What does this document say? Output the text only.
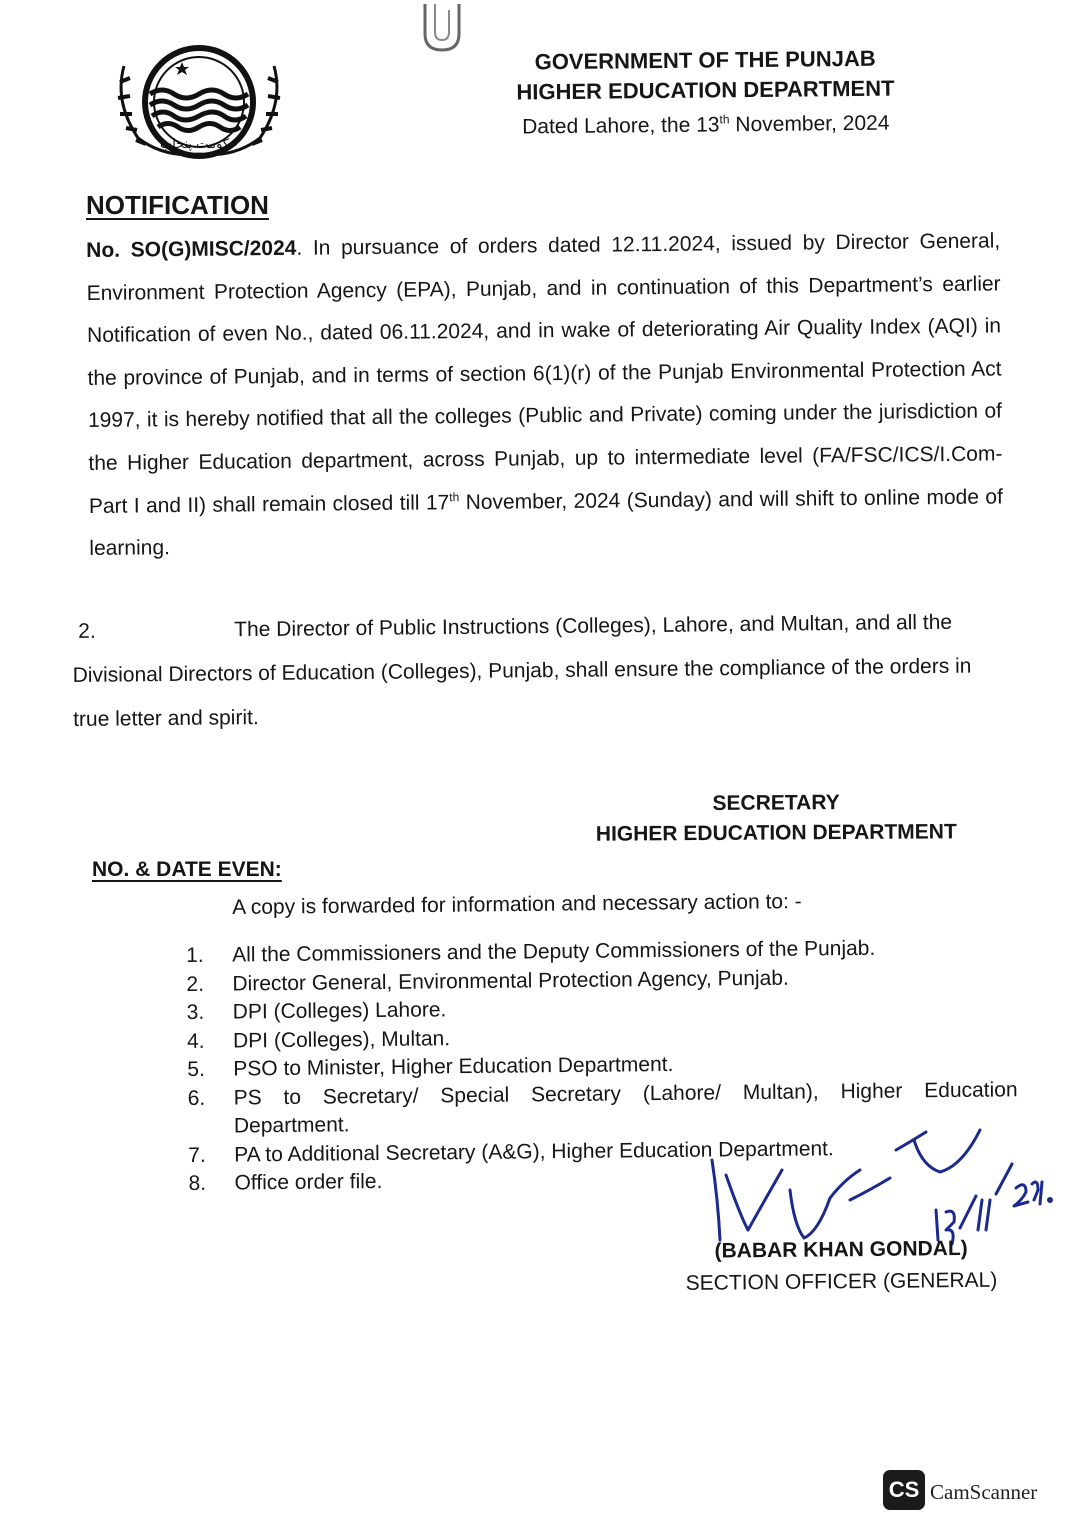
حکومت پنجاب
GOVERNMENT OF THE PUNJAB
HIGHER EDUCATION DEPARTMENT
Dated Lahore, the 13th November, 2024
NOTIFICATION
No. SO(G)MISC/2024. In pursuance of orders dated 12.11.2024, issued by Director General, Environment Protection Agency (EPA), Punjab, and in continuation of this Department’s earlier Notification of even No., dated 06.11.2024, and in wake of deteriorating Air Quality Index (AQI) in the province of Punjab, and in terms of section 6(1)(r) of the Punjab Environmental Protection Act 1997, it is hereby notified that all the colleges (Public and Private) coming under the jurisdiction of the Higher Education department, across Punjab, up to intermediate level (FA/FSC/ICS/I.Com- Part I and II) shall remain closed till 17th November, 2024 (Sunday) and will shift to online mode of learning.
2.	The Director of Public Instructions (Colleges), Lahore, and Multan, and all the Divisional Directors of Education (Colleges), Punjab, shall ensure the compliance of the orders in true letter and spirit.
SECRETARY
HIGHER EDUCATION DEPARTMENT
NO. & DATE EVEN:
A copy is forwarded for information and necessary action to: -
1.	All the Commissioners and the Deputy Commissioners of the Punjab.
2.	Director General, Environmental Protection Agency, Punjab.
3.	DPI (Colleges) Lahore.
4.	DPI (Colleges), Multan.
5.	PSO to Minister, Higher Education Department.
6.	PS to Secretary/ Special Secretary (Lahore/ Multan), Higher Education
Department.
7.	PA to Additional Secretary (A&G), Higher Education Department.
8.	Office order file.
13/11/24.
(BABAR KHAN GONDAL)
SECTION OFFICER (GENERAL)
CS CamScanner
